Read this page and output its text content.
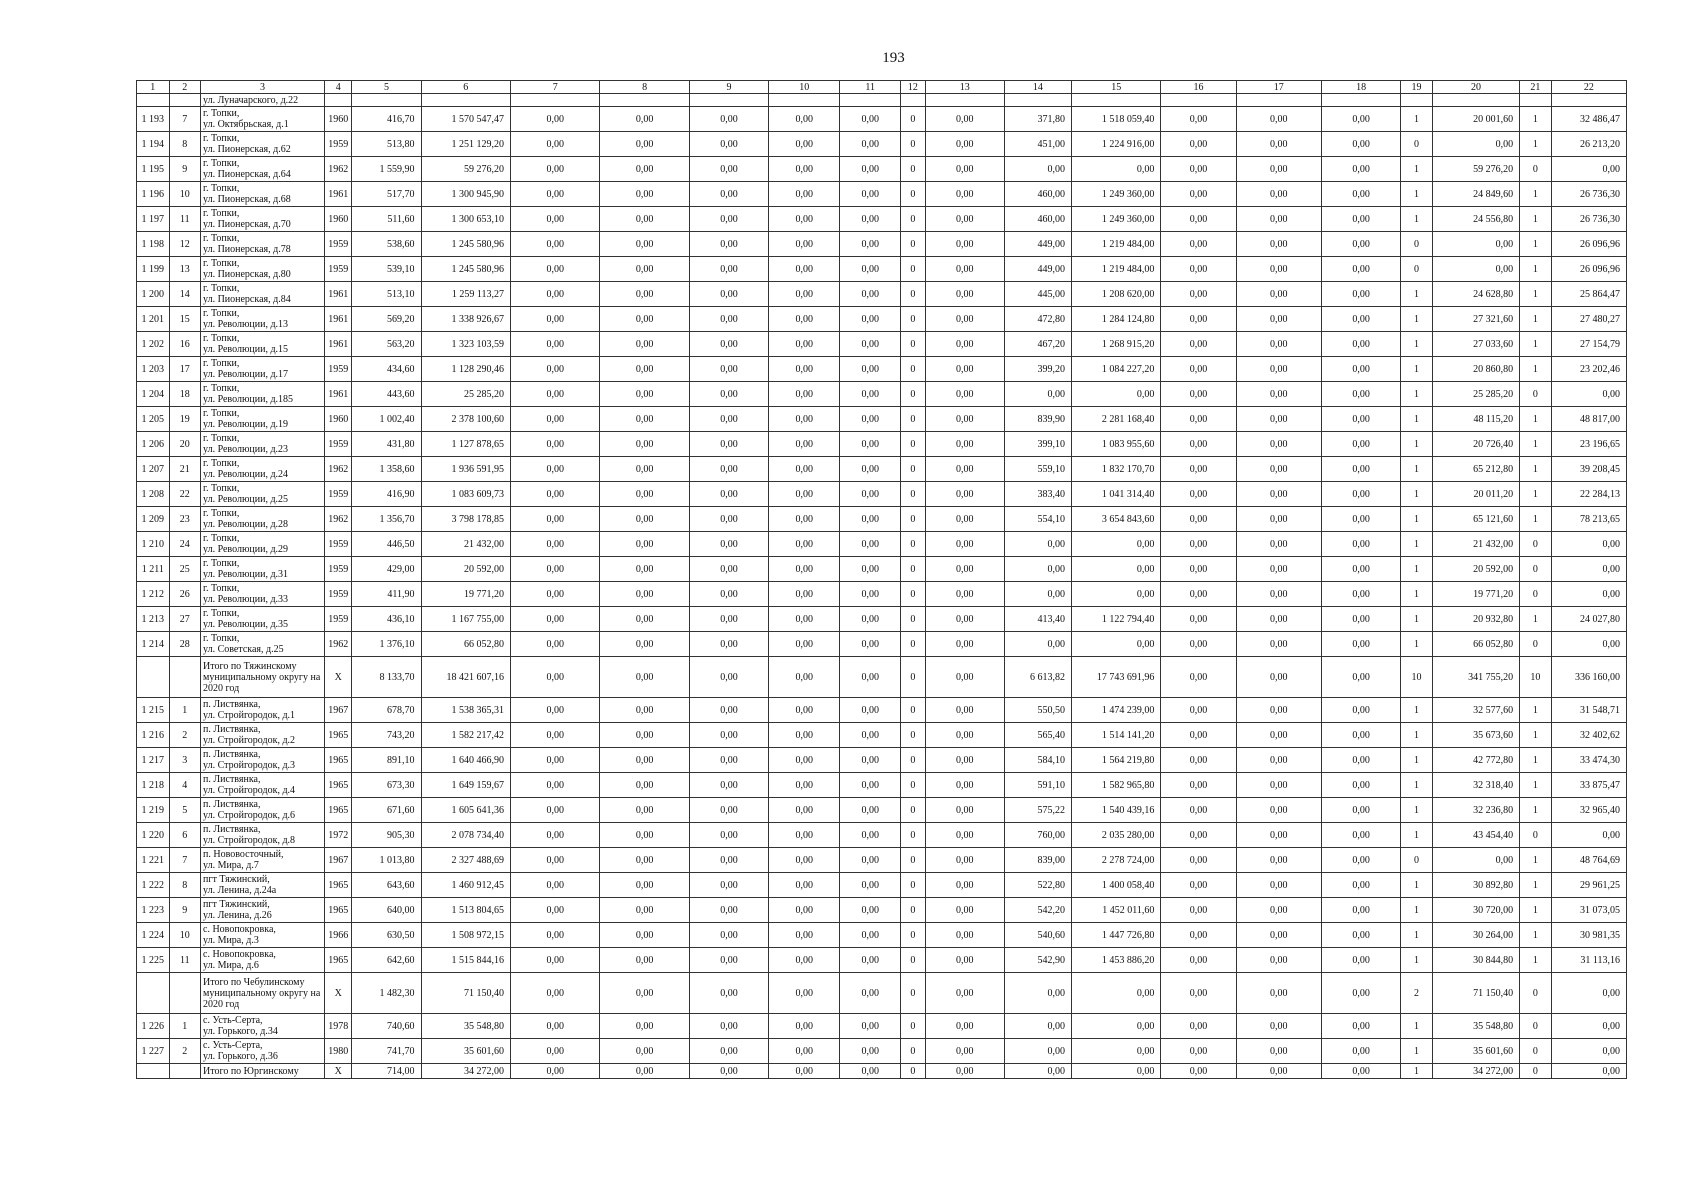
193
1	2	3	4	5	6	7	8	9	10	11	12	13	14	15	16	17	18	19	20	21	22
		ул. Луначарского, д.22																			
1 193	7	г. Топки,
ул. Октябрьская, д.1	1960	416,70	1 570 547,47	0,00	0,00	0,00	0,00	0,00	0	0,00	371,80	1 518 059,40	0,00	0,00	0,00	1	20 001,60	1	32 486,47
1 194	8	г. Топки,
ул. Пионерская, д.62	1959	513,80	1 251 129,20	0,00	0,00	0,00	0,00	0,00	0	0,00	451,00	1 224 916,00	0,00	0,00	0,00	0	0,00	1	26 213,20
1 195	9	г. Топки,
ул. Пионерская, д.64	1962	1 559,90	59 276,20	0,00	0,00	0,00	0,00	0,00	0	0,00	0,00	0,00	0,00	0,00	0,00	1	59 276,20	0	0,00
1 196	10	г. Топки,
ул. Пионерская, д.68	1961	517,70	1 300 945,90	0,00	0,00	0,00	0,00	0,00	0	0,00	460,00	1 249 360,00	0,00	0,00	0,00	1	24 849,60	1	26 736,30
1 197	11	г. Топки,
ул. Пионерская, д.70	1960	511,60	1 300 653,10	0,00	0,00	0,00	0,00	0,00	0	0,00	460,00	1 249 360,00	0,00	0,00	0,00	1	24 556,80	1	26 736,30
1 198	12	г. Топки,
ул. Пионерская, д.78	1959	538,60	1 245 580,96	0,00	0,00	0,00	0,00	0,00	0	0,00	449,00	1 219 484,00	0,00	0,00	0,00	0	0,00	1	26 096,96
1 199	13	г. Топки,
ул. Пионерская, д.80	1959	539,10	1 245 580,96	0,00	0,00	0,00	0,00	0,00	0	0,00	449,00	1 219 484,00	0,00	0,00	0,00	0	0,00	1	26 096,96
1 200	14	г. Топки,
ул. Пионерская, д.84	1961	513,10	1 259 113,27	0,00	0,00	0,00	0,00	0,00	0	0,00	445,00	1 208 620,00	0,00	0,00	0,00	1	24 628,80	1	25 864,47
1 201	15	г. Топки,
ул. Революции, д.13	1961	569,20	1 338 926,67	0,00	0,00	0,00	0,00	0,00	0	0,00	472,80	1 284 124,80	0,00	0,00	0,00	1	27 321,60	1	27 480,27
1 202	16	г. Топки,
ул. Революции, д.15	1961	563,20	1 323 103,59	0,00	0,00	0,00	0,00	0,00	0	0,00	467,20	1 268 915,20	0,00	0,00	0,00	1	27 033,60	1	27 154,79
1 203	17	г. Топки,
ул. Революции, д.17	1959	434,60	1 128 290,46	0,00	0,00	0,00	0,00	0,00	0	0,00	399,20	1 084 227,20	0,00	0,00	0,00	1	20 860,80	1	23 202,46
1 204	18	г. Топки,
ул. Революции, д.185	1961	443,60	25 285,20	0,00	0,00	0,00	0,00	0,00	0	0,00	0,00	0,00	0,00	0,00	0,00	1	25 285,20	0	0,00
1 205	19	г. Топки,
ул. Революции, д.19	1960	1 002,40	2 378 100,60	0,00	0,00	0,00	0,00	0,00	0	0,00	839,90	2 281 168,40	0,00	0,00	0,00	1	48 115,20	1	48 817,00
1 206	20	г. Топки,
ул. Революции, д.23	1959	431,80	1 127 878,65	0,00	0,00	0,00	0,00	0,00	0	0,00	399,10	1 083 955,60	0,00	0,00	0,00	1	20 726,40	1	23 196,65
1 207	21	г. Топки,
ул. Революции, д.24	1962	1 358,60	1 936 591,95	0,00	0,00	0,00	0,00	0,00	0	0,00	559,10	1 832 170,70	0,00	0,00	0,00	1	65 212,80	1	39 208,45
1 208	22	г. Топки,
ул. Революции, д.25	1959	416,90	1 083 609,73	0,00	0,00	0,00	0,00	0,00	0	0,00	383,40	1 041 314,40	0,00	0,00	0,00	1	20 011,20	1	22 284,13
1 209	23	г. Топки,
ул. Революции, д.28	1962	1 356,70	3 798 178,85	0,00	0,00	0,00	0,00	0,00	0	0,00	554,10	3 654 843,60	0,00	0,00	0,00	1	65 121,60	1	78 213,65
1 210	24	г. Топки,
ул. Революции, д.29	1959	446,50	21 432,00	0,00	0,00	0,00	0,00	0,00	0	0,00	0,00	0,00	0,00	0,00	0,00	1	21 432,00	0	0,00
1 211	25	г. Топки,
ул. Революции, д.31	1959	429,00	20 592,00	0,00	0,00	0,00	0,00	0,00	0	0,00	0,00	0,00	0,00	0,00	0,00	1	20 592,00	0	0,00
1 212	26	г. Топки,
ул. Революции, д.33	1959	411,90	19 771,20	0,00	0,00	0,00	0,00	0,00	0	0,00	0,00	0,00	0,00	0,00	0,00	1	19 771,20	0	0,00
1 213	27	г. Топки,
ул. Революции, д.35	1959	436,10	1 167 755,00	0,00	0,00	0,00	0,00	0,00	0	0,00	413,40	1 122 794,40	0,00	0,00	0,00	1	20 932,80	1	24 027,80
1 214	28	г. Топки,
ул. Советская, д.25	1962	1 376,10	66 052,80	0,00	0,00	0,00	0,00	0,00	0	0,00	0,00	0,00	0,00	0,00	0,00	1	66 052,80	0	0,00
		Итого по Тяжинскому
муниципальному округу на
2020 год	X	8 133,70	18 421 607,16	0,00	0,00	0,00	0,00	0,00	0	0,00	6 613,82	17 743 691,96	0,00	0,00	0,00	10	341 755,20	10	336 160,00
1 215	1	п. Листвянка,
ул. Стройгородок, д.1	1967	678,70	1 538 365,31	0,00	0,00	0,00	0,00	0,00	0	0,00	550,50	1 474 239,00	0,00	0,00	0,00	1	32 577,60	1	31 548,71
1 216	2	п. Листвянка,
ул. Стройгородок, д.2	1965	743,20	1 582 217,42	0,00	0,00	0,00	0,00	0,00	0	0,00	565,40	1 514 141,20	0,00	0,00	0,00	1	35 673,60	1	32 402,62
1 217	3	п. Листвянка,
ул. Стройгородок, д.3	1965	891,10	1 640 466,90	0,00	0,00	0,00	0,00	0,00	0	0,00	584,10	1 564 219,80	0,00	0,00	0,00	1	42 772,80	1	33 474,30
1 218	4	п. Листвянка,
ул. Стройгородок, д.4	1965	673,30	1 649 159,67	0,00	0,00	0,00	0,00	0,00	0	0,00	591,10	1 582 965,80	0,00	0,00	0,00	1	32 318,40	1	33 875,47
1 219	5	п. Листвянка,
ул. Стройгородок, д.6	1965	671,60	1 605 641,36	0,00	0,00	0,00	0,00	0,00	0	0,00	575,22	1 540 439,16	0,00	0,00	0,00	1	32 236,80	1	32 965,40
1 220	6	п. Листвянка,
ул. Стройгородок, д.8	1972	905,30	2 078 734,40	0,00	0,00	0,00	0,00	0,00	0	0,00	760,00	2 035 280,00	0,00	0,00	0,00	1	43 454,40	0	0,00
1 221	7	п. Нововосточный,
ул. Мира, д.7	1967	1 013,80	2 327 488,69	0,00	0,00	0,00	0,00	0,00	0	0,00	839,00	2 278 724,00	0,00	0,00	0,00	0	0,00	1	48 764,69
1 222	8	пгт Тяжинский,
ул. Ленина, д.24а	1965	643,60	1 460 912,45	0,00	0,00	0,00	0,00	0,00	0	0,00	522,80	1 400 058,40	0,00	0,00	0,00	1	30 892,80	1	29 961,25
1 223	9	пгт Тяжинский,
ул. Ленина, д.26	1965	640,00	1 513 804,65	0,00	0,00	0,00	0,00	0,00	0	0,00	542,20	1 452 011,60	0,00	0,00	0,00	1	30 720,00	1	31 073,05
1 224	10	с. Новопокровка,
ул. Мира, д.3	1966	630,50	1 508 972,15	0,00	0,00	0,00	0,00	0,00	0	0,00	540,60	1 447 726,80	0,00	0,00	0,00	1	30 264,00	1	30 981,35
1 225	11	с. Новопокровка,
ул. Мира, д.6	1965	642,60	1 515 844,16	0,00	0,00	0,00	0,00	0,00	0	0,00	542,90	1 453 886,20	0,00	0,00	0,00	1	30 844,80	1	31 113,16
		Итого по Чебулинскому
муниципальному округу на
2020 год	X	1 482,30	71 150,40	0,00	0,00	0,00	0,00	0,00	0	0,00	0,00	0,00	0,00	0,00	0,00	2	71 150,40	0	0,00
1 226	1	с. Усть-Серта,
ул. Горького, д.34	1978	740,60	35 548,80	0,00	0,00	0,00	0,00	0,00	0	0,00	0,00	0,00	0,00	0,00	0,00	1	35 548,80	0	0,00
1 227	2	с. Усть-Серта,
ул. Горького, д.36	1980	741,70	35 601,60	0,00	0,00	0,00	0,00	0,00	0	0,00	0,00	0,00	0,00	0,00	0,00	1	35 601,60	0	0,00
		Итого по Юргинскому	X	714,00	34 272,00	0,00	0,00	0,00	0,00	0,00	0	0,00	0,00	0,00	0,00	0,00	0,00	1	34 272,00	0	0,00
